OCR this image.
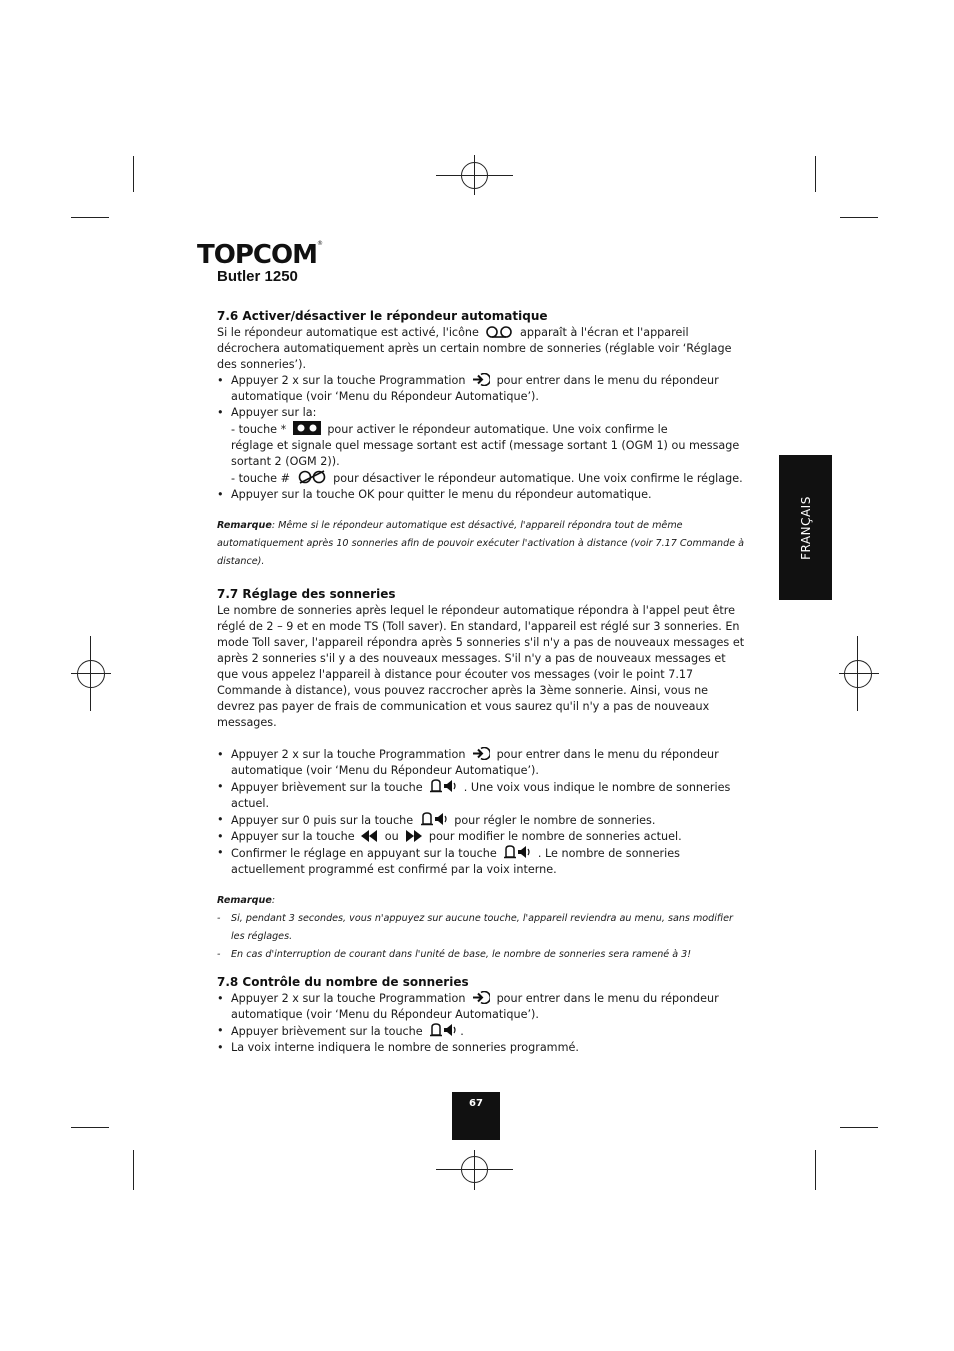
TOPCOM®
Butler 1250
FRANÇAIS
7.6 Activer/désactiver le répondeur automatique

Si le répondeur automatique est activé, l'icône	apparaît à l'écran et l'appareil décrochera automatiquement après un certain nombre de sonneries (réglable voir ‘Réglage des sonneries’).

• Appuyer 2 x sur la touche Programmation	pour entrer dans le menu du répondeur automatique (voir ‘Menu du Répondeur Automatique’).
• Appuyer sur la:
- touche *	pour activer le répondeur automatique. Une voix confirme le
réglage et signale quel message sortant est actif (message sortant 1 (OGM 1) ou message sortant 2 (OGM 2)).
- touche #	pour désactiver le répondeur automatique. Une voix confirme le réglage.
• Appuyer sur la touche OK pour quitter le menu du répondeur automatique.

Remarque: Même si le répondeur automatique est désactivé, l'appareil répondra tout de même automatiquement après 10 sonneries afin de pouvoir exécuter l'activation à distance (voir 7.17 Commande à distance).

7.7 Réglage des sonneries

Le nombre de sonneries après lequel le répondeur automatique répondra à l'appel peut être réglé de 2 – 9 et en mode TS (Toll saver). En standard, l'appareil est réglé sur 3 sonneries. En mode Toll saver, l'appareil répondra après 5 sonneries s'il n'y a pas de nouveaux messages et après 2 sonneries s'il y a des nouveaux messages. S'il n'y a pas de nouveaux messages et que vous appelez l'appareil à distance pour écouter vos messages (voir le point 7.17 Commande à distance), vous pouvez raccrocher après la 3ème sonnerie. Ainsi, vous ne devrez pas payer de frais de communication et vous saurez qu'il n'y a pas de nouveaux messages.

• Appuyer 2 x sur la touche Programmation	pour entrer dans le menu du répondeur automatique (voir ‘Menu du Répondeur Automatique’).
• Appuyer brièvement sur la touche	. Une voix vous indique le nombre de sonneries actuel.
• Appuyer sur 0 puis sur la touche	pour régler le nombre de sonneries.
• Appuyer sur la touche	ou	pour modifier le nombre de sonneries actuel.
• Confirmer le réglage en appuyant sur la touche	. Le nombre de sonneries actuellement programmé est confirmé par la voix interne.

Remarque:

- Si, pendant 3 secondes, vous n'appuyez sur aucune touche, l'appareil reviendra au menu, sans modifier les réglages.

- En cas d'interruption de courant dans l'unité de base, le nombre de sonneries sera ramené à 3!

7.8 Contrôle du nombre de sonneries
• Appuyer 2 x sur la touche Programmation	pour entrer dans le menu du répondeur automatique (voir ‘Menu du Répondeur Automatique’).
• Appuyer brièvement sur la touche	.
• La voix interne indiquera le nombre de sonneries programmé.
67
